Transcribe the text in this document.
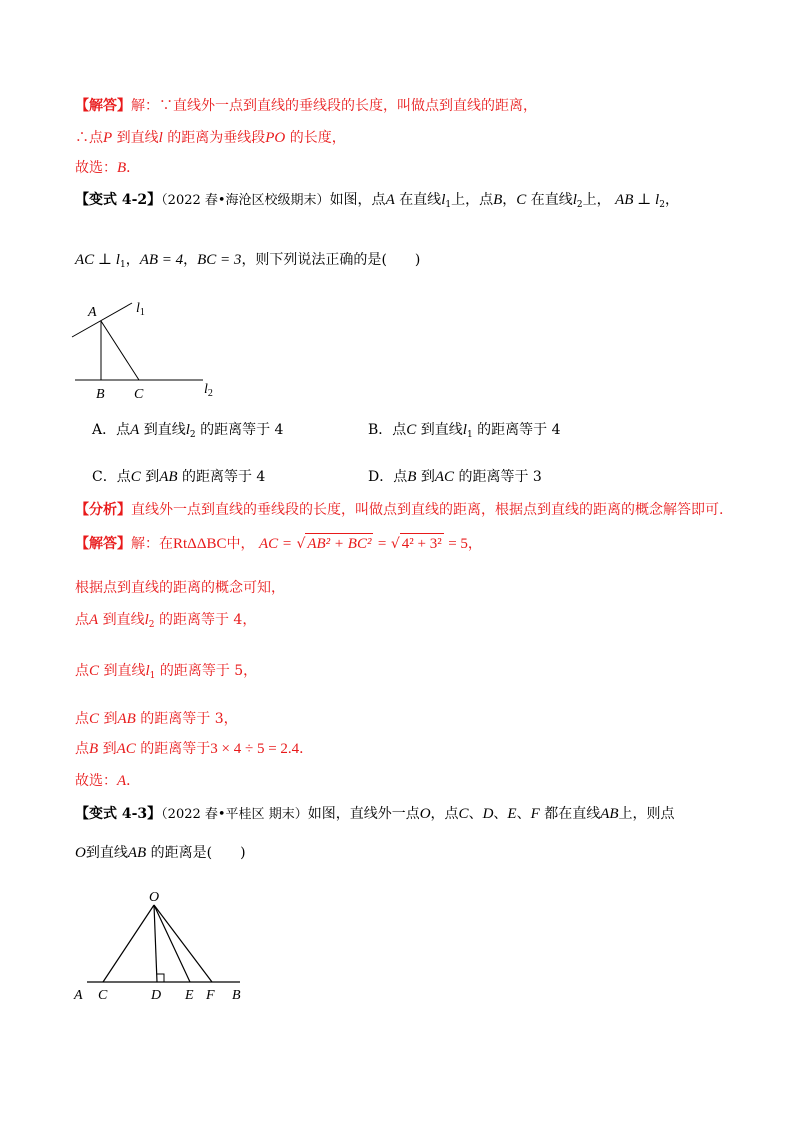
【解答】解：∵直线外一点到直线的垂线段的长度，叫做点到直线的距离，
∴点P 到直线l 的距离为垂线段PO 的长度，
故选：B．
【变式 4-2】（2022 春•海沧区校级期末）如图，点A 在直线$l_1$上，点B，C 在直线$l_2$上， AB ⊥ $l_2$，
AC ⊥ $l_1$，AB = 4，BC = 3，则下列说法正确的是(　　)
A	$l_1$
B C	$l_2$
A．点A 到直线$l_2$ 的距离等于 4	B．点C 到直线$l_1$ 的距离等于 4
C．点C 到AB 的距离等于 4	D．点B 到AC 的距离等于 3
【分析】直线外一点到直线的垂线段的长度，叫做点到直线的距离，根据点到直线的距离的概念解答即可.
【解答】解：在RtΔΔBC中， AC = √ AB² + BC² = √ 4² + 3² = 5，
根据点到直线的距离的概念可知，
点A 到直线$l_2$ 的距离等于 4，
点C 到直线$l_1$ 的距离等于 5，
点C 到AB 的距离等于 3，
点B 到AC 的距离等于3 × 4 ÷ 5 = 2.4．
故选：A．
【变式 4-3】（2022 春•平桂区 期末）如图，直线外一点O，点C、D、E、F 都在直线AB上，则点
O到直线AB 的距离是(　　)
O
A C	D E F B
